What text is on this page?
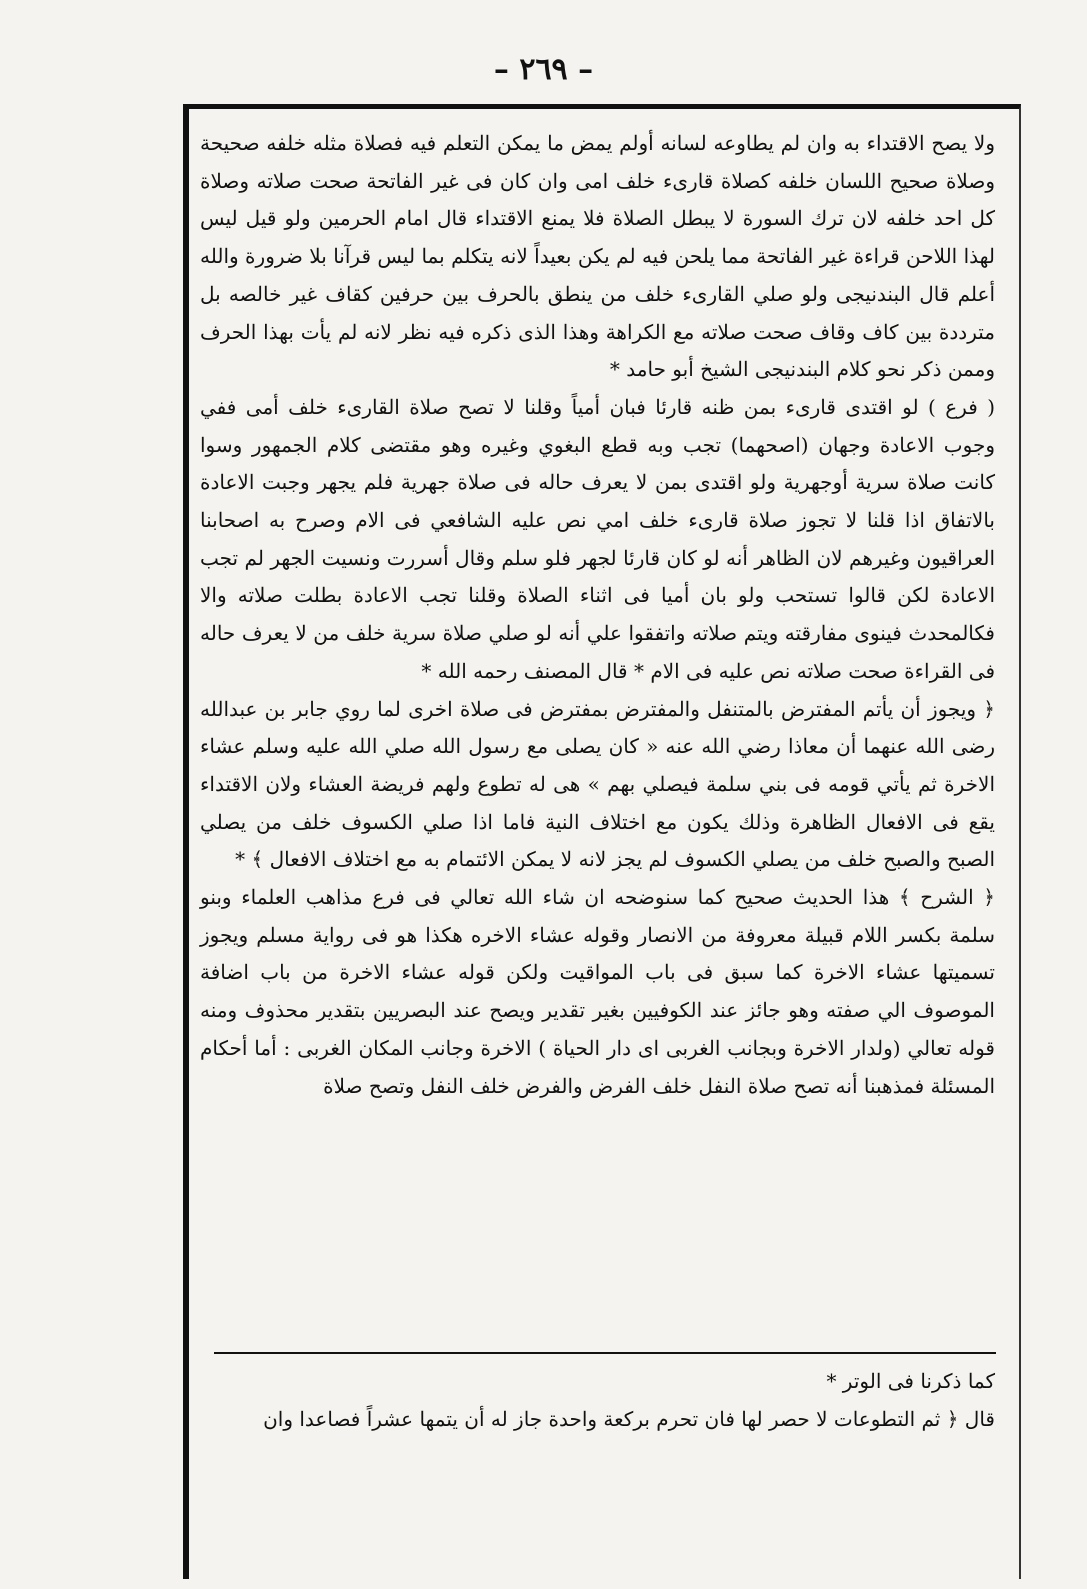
– ٢٦٩ –

ولا يصح الاقتداء به وان لم يطاوعه لسانه أولم يمض ما يمكن التعلم فيه فصلاة مثله خلفه صحيحة وصلاة صحيح اللسان خلفه كصلاة قارىء خلف امى وان كان فى غير الفاتحة صحت صلاته وصلاة كل احد خلفه لان ترك السورة لا يبطل الصلاة فلا يمنع الاقتداء قال امام الحرمين ولو قيل ليس لهذا اللاحن قراءة غير الفاتحة مما يلحن فيه لم يكن بعيداً لانه يتكلم بما ليس قرآنا بلا ضرورة والله أعلم قال البندنيجى ولو صلي القارىء خلف من ينطق بالحرف بين حرفين كقاف غير خالصه بل مترددة بين كاف وقاف صحت صلاته مع الكراهة وهذا الذى ذكره فيه نظر لانه لم يأت بهذا الحرف وممن ذكر نحو كلام البندنيجى الشيخ أبو حامد *

( فرع ) لو اقتدى قارىء بمن ظنه قارئا فبان أمياً وقلنا لا تصح صلاة القارىء خلف أمى ففي وجوب الاعادة وجهان (اصحهما) تجب وبه قطع البغوي وغيره وهو مقتضى كلام الجمهور وسوا كانت صلاة سرية أوجهرية ولو اقتدى بمن لا يعرف حاله فى صلاة جهرية فلم يجهر وجبت الاعادة بالاتفاق اذا قلنا لا تجوز صلاة قارىء خلف امي نص عليه الشافعي فى الام وصرح به اصحابنا العراقيون وغيرهم لان الظاهر أنه لو كان قارئا لجهر فلو سلم وقال أسررت ونسيت الجهر لم تجب الاعادة لكن قالوا تستحب ولو بان أميا فى اثناء الصلاة وقلنا تجب الاعادة بطلت صلاته والا فكالمحدث فينوى مفارقته ويتم صلاته واتفقوا علي أنه لو صلي صلاة سرية خلف من لا يعرف حاله فى القراءة صحت صلاته نص عليه فى الام * قال المصنف رحمه الله *

﴿ ويجوز أن يأتم المفترض بالمتنفل والمفترض بمفترض فى صلاة اخرى لما روي جابر بن عبدالله رضى الله عنهما أن معاذا رضي الله عنه « كان يصلى مع رسول الله صلي الله عليه وسلم عشاء الاخرة ثم يأتي قومه فى بني سلمة فيصلي بهم » هى له تطوع ولهم فريضة العشاء ولان الاقتداء يقع فى الافعال الظاهرة وذلك يكون مع اختلاف النية فاما اذا صلي الكسوف خلف من يصلي الصبح والصبح خلف من يصلي الكسوف لم يجز لانه لا يمكن الائتمام به مع اختلاف الافعال ﴾ *

﴿ الشرح ﴾ هذا الحديث صحيح كما سنوضحه ان شاء الله تعالي فى فرع مذاهب العلماء وبنو سلمة بكسر اللام قبيلة معروفة من الانصار وقوله عشاء الاخره هكذا هو فى رواية مسلم ويجوز تسميتها عشاء الاخرة كما سبق فى باب المواقيت ولكن قوله عشاء الاخرة من باب اضافة الموصوف الي صفته وهو جائز عند الكوفيين بغير تقدير ويصح عند البصريين بتقدير محذوف ومنه قوله تعالي (ولدار الاخرة وبجانب الغربى اى دار الحياة ) الاخرة وجانب المكان الغربى : أما أحكام المسئلة فمذهبنا أنه تصح صلاة النفل خلف الفرض والفرض خلف النفل وتصح صلاة

كما ذكرنا فى الوتر *

قال ﴿ ثم التطوعات لا حصر لها فان تحرم بركعة واحدة جاز له أن يتمها عشراً فصاعدا وان
